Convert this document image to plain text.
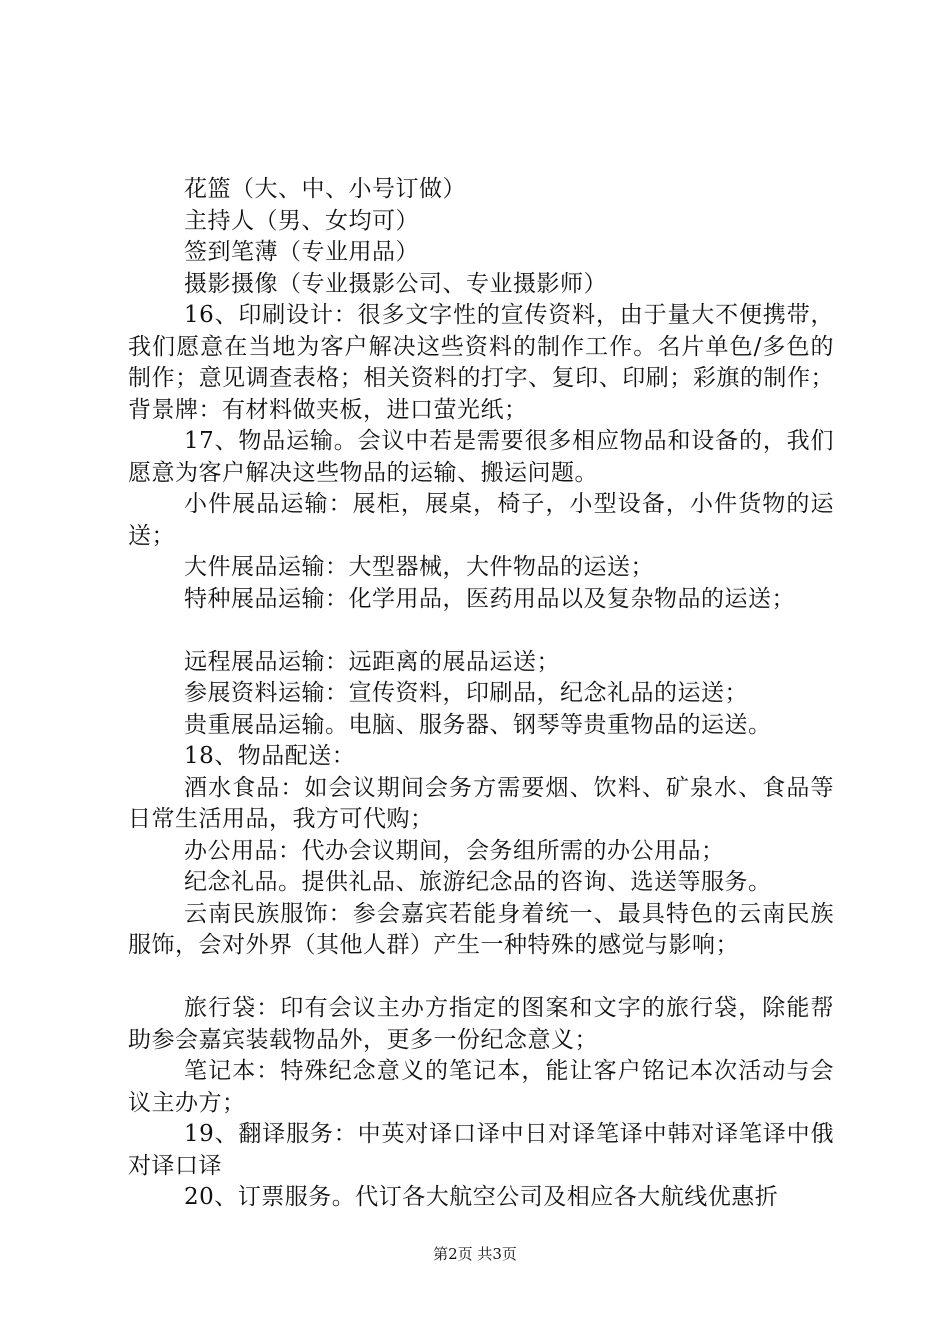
花篮（大、中、小号订做）

主持人（男、女均可）

签到笔薄（专业用品）

摄影摄像（专业摄影公司、专业摄影师）

16、印刷设计：很多文字性的宣传资料，由于量大不便携带，我们愿意在当地为客户解决这些资料的制作工作。名片单色/多色的制作；意见调查表格；相关资料的打字、复印、印刷；彩旗的制作；背景牌：有材料做夹板，进口萤光纸；

17、物品运输。会议中若是需要很多相应物品和设备的，我们愿意为客户解决这些物品的运输、搬运问题。

小件展品运输：展柜，展桌，椅子，小型设备，小件货物的运送；

大件展品运输：大型器械，大件物品的运送；

特种展品运输：化学用品，医药用品以及复杂物品的运送；

远程展品运输：远距离的展品运送；

参展资料运输：宣传资料，印刷品，纪念礼品的运送；

贵重展品运输。电脑、服务器、钢琴等贵重物品的运送。

18、物品配送：

酒水食品：如会议期间会务方需要烟、饮料、矿泉水、食品等日常生活用品，我方可代购；

办公用品：代办会议期间，会务组所需的办公用品；

纪念礼品。提供礼品、旅游纪念品的咨询、选送等服务。

云南民族服饰：参会嘉宾若能身着统一、最具特色的云南民族服饰，会对外界（其他人群）产生一种特殊的感觉与影响；

旅行袋：印有会议主办方指定的图案和文字的旅行袋，除能帮助参会嘉宾装载物品外，更多一份纪念意义；

笔记本：特殊纪念意义的笔记本，能让客户铭记本次活动与会议主办方；

19、翻译服务：中英对译口译中日对译笔译中韩对译笔译中俄对译口译

20、订票服务。代订各大航空公司及相应各大航线优惠折

第2页 共3页
